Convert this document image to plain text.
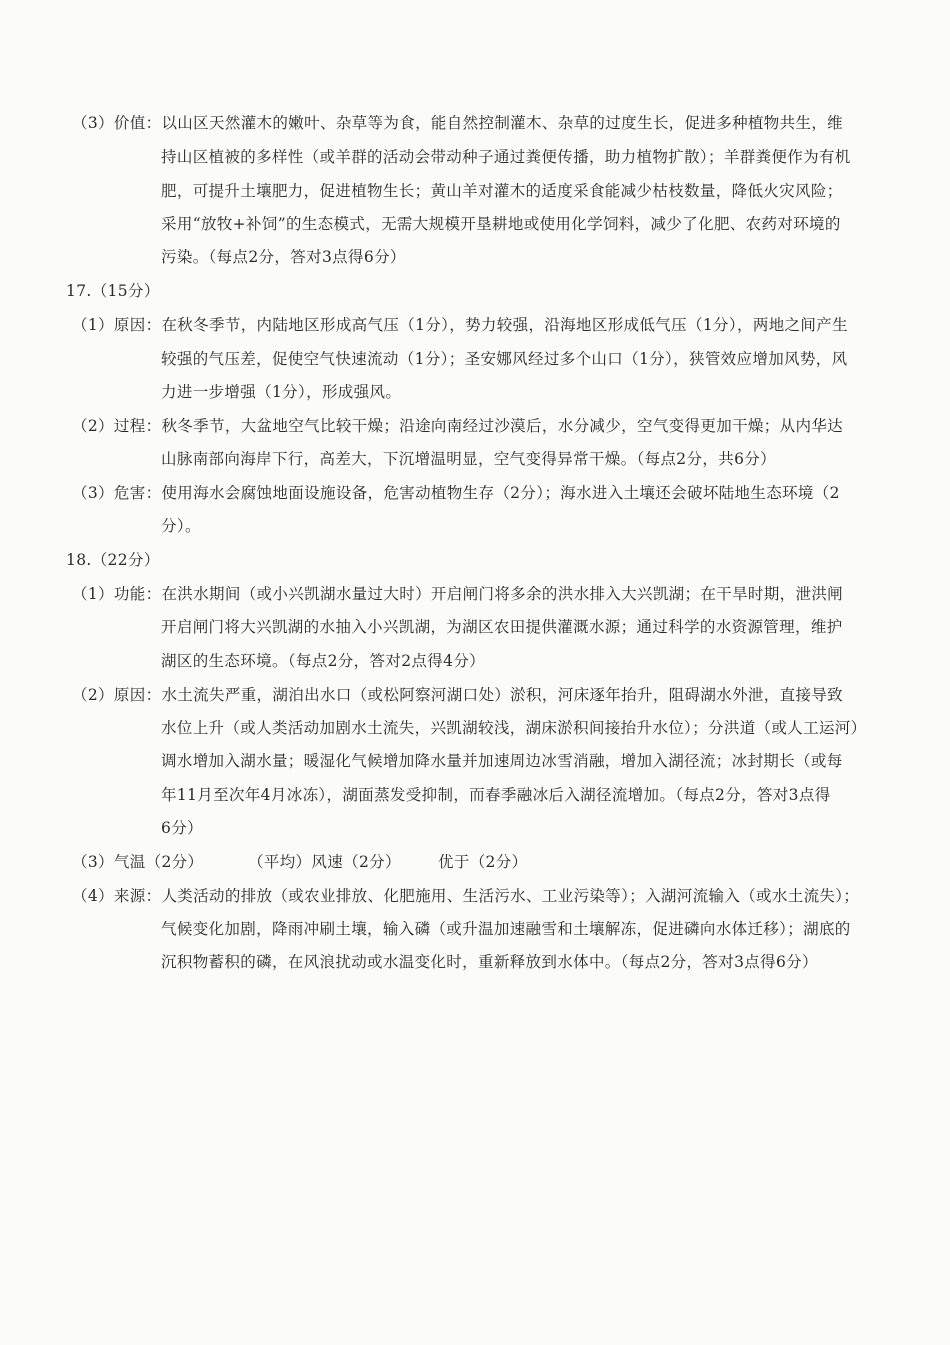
（3）价值：以山区天然灌木的嫩叶、杂草等为食，能自然控制灌木、杂草的过度生长，促进多种植物共生，维
持山区植被的多样性（或羊群的活动会带动种子通过粪便传播，助力植物扩散）；羊群粪便作为有机
肥，可提升土壤肥力，促进植物生长；黄山羊对灌木的适度采食能减少枯枝数量，降低火灾风险；
采用“放牧+补饲”的生态模式，无需大规模开垦耕地或使用化学饲料，减少了化肥、农药对环境的
污染。（每点2分，答对3点得6分）
17.（15分）
（1）原因：在秋冬季节，内陆地区形成高气压（1分），势力较强，沿海地区形成低气压（1分），两地之间产生
较强的气压差，促使空气快速流动（1分）；圣安娜风经过多个山口（1分），狭管效应增加风势，风
力进一步增强（1分），形成强风。
（2）过程：秋冬季节，大盆地空气比较干燥；沿途向南经过沙漠后，水分减少，空气变得更加干燥；从内华达
山脉南部向海岸下行，高差大，下沉增温明显，空气变得异常干燥。（每点2分，共6分）
（3）危害：使用海水会腐蚀地面设施设备，危害动植物生存（2分）；海水进入土壤还会破坏陆地生态环境（2
分）。
18.（22分）
（1）功能：在洪水期间（或小兴凯湖水量过大时）开启闸门将多余的洪水排入大兴凯湖；在干旱时期，泄洪闸
开启闸门将大兴凯湖的水抽入小兴凯湖，为湖区农田提供灌溉水源；通过科学的水资源管理，维护
湖区的生态环境。（每点2分，答对2点得4分）
（2）原因：水土流失严重，湖泊出水口（或松阿察河湖口处）淤积，河床逐年抬升，阻碍湖水外泄，直接导致
水位上升（或人类活动加剧水土流失，兴凯湖较浅，湖床淤积间接抬升水位）；分洪道（或人工运河）
调水增加入湖水量；暖湿化气候增加降水量并加速周边冰雪消融，增加入湖径流；冰封期长（或每
年11月至次年4月冰冻），湖面蒸发受抑制，而春季融冰后入湖径流增加。（每点2分，答对3点得
6分）
（3）气温（2分）	（平均）风速（2分） 优于（2分）
（4）来源：人类活动的排放（或农业排放、化肥施用、生活污水、工业污染等）；入湖河流输入（或水土流失）；
气候变化加剧，降雨冲刷土壤，输入磷（或升温加速融雪和土壤解冻，促进磷向水体迁移）；湖底的
沉积物蓄积的磷，在风浪扰动或水温变化时，重新释放到水体中。（每点2分，答对3点得6分）
